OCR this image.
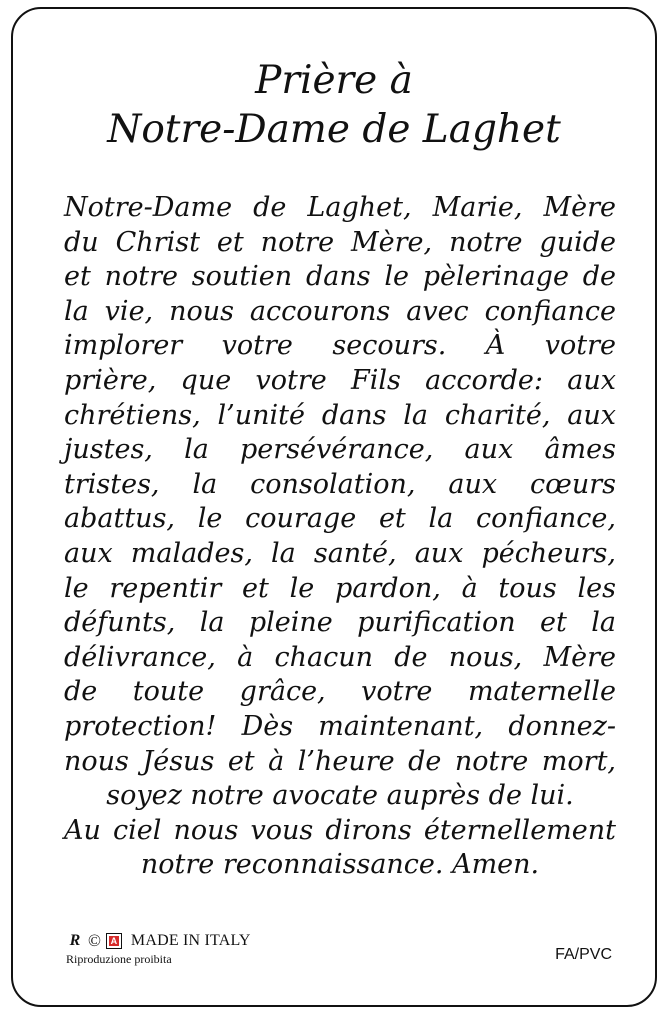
Prière à
Notre-Dame de Laghet
Notre-Dame de Laghet, Marie, Mère
du Christ et notre Mère, notre guide
et notre soutien dans le pèlerinage de
la vie, nous accourons avec confiance
implorer votre secours. À votre
prière, que votre Fils accorde: aux
chrétiens, l’unité dans la charité, aux
justes, la persévérance, aux âmes
tristes, la consolation, aux cœurs
abattus, le courage et la confiance,
aux malades, la santé, aux pécheurs,
le repentir et le pardon, à tous les
défunts, la pleine purification et la
délivrance, à chacun de nous, Mère
de toute grâce, votre maternelle
protection! Dès maintenant, donnez-
nous Jésus et à l’heure de notre mort,
soyez notre avocate auprès de lui.
Au ciel nous vous dirons éternellement
notre reconnaissance. Amen.
R © A MADE IN ITALY
Riproduzione proibita	FA/PVC
